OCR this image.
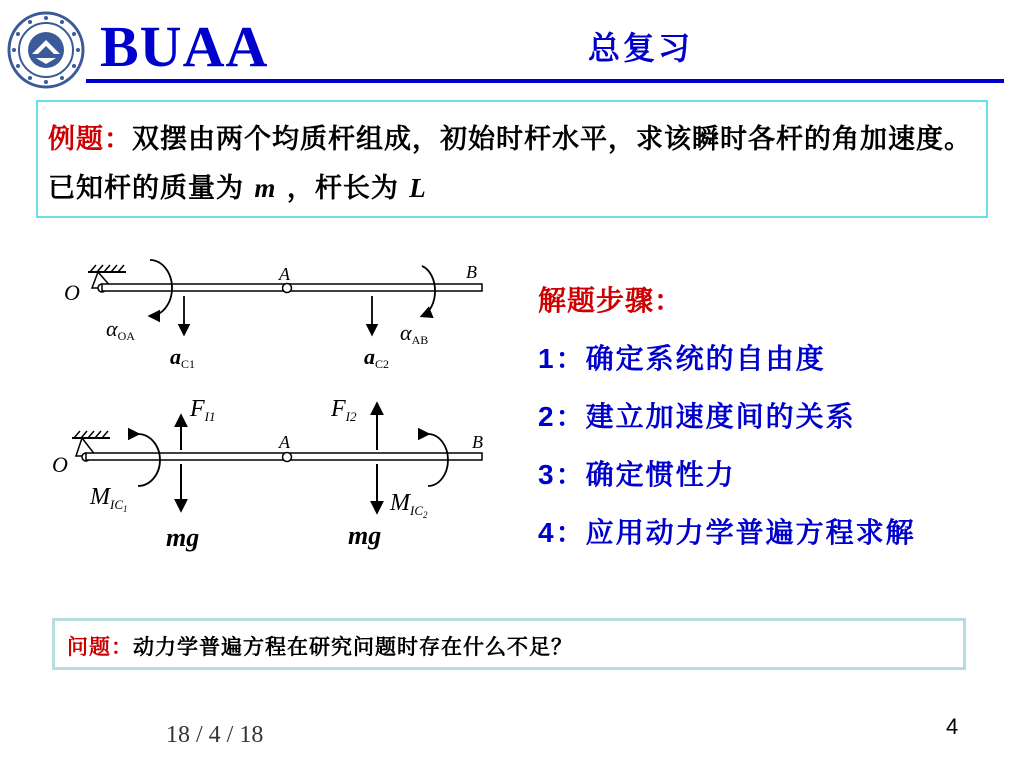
BUAA	总复习
例题：双摆由两个均质杆组成，初始时杆水平，求该瞬时各杆的角加速度。已知杆的质量为 m ，杆长为 L
O
A	B
αOA	αAB
aC1	aC2
O
A	B
$F_{I1}$	$F_{I2}$
$M_{IC}1$	$M_{IC}2$
mg	mg
解题步骤：
1：确定系统的自由度
2：建立加速度间的关系
3：确定惯性力
4：应用动力学普遍方程求解
问题：动力学普遍方程在研究问题时存在什么不足？
18 / 4 / 18	4
